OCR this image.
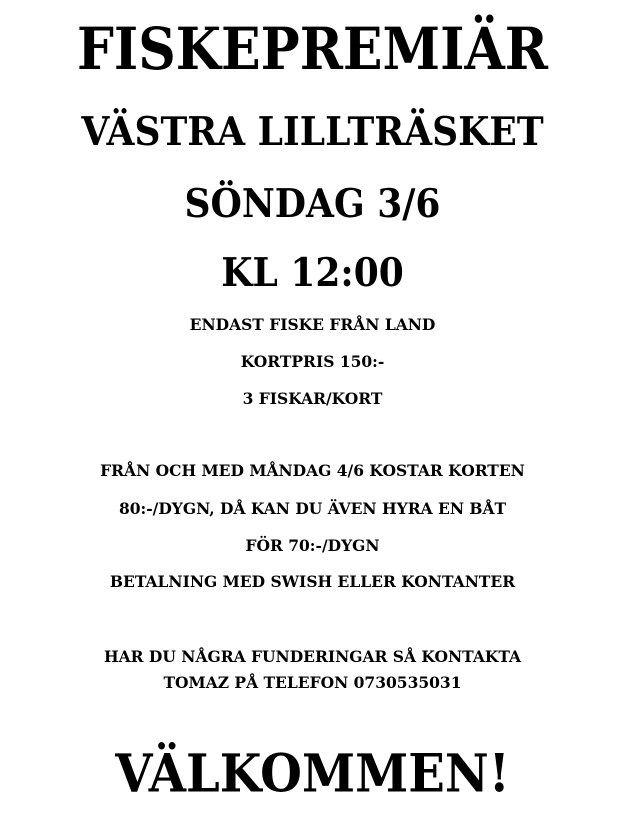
FISKEPREMIÄR
VÄSTRA LILLTRÄSKET
SÖNDAG 3/6
KL 12:00
ENDAST FISKE FRÅN LAND
KORTPRIS 150:-
3 FISKAR/KORT
FRÅN OCH MED MÅNDAG 4/6 KOSTAR KORTEN
80:-/DYGN, DÅ KAN DU ÄVEN HYRA EN BÅT
FÖR 70:-/DYGN
BETALNING MED SWISH ELLER KONTANTER
HAR DU NÅGRA FUNDERINGAR SÅ KONTAKTA
TOMAZ PÅ TELEFON 0730535031
VÄLKOMMEN!
